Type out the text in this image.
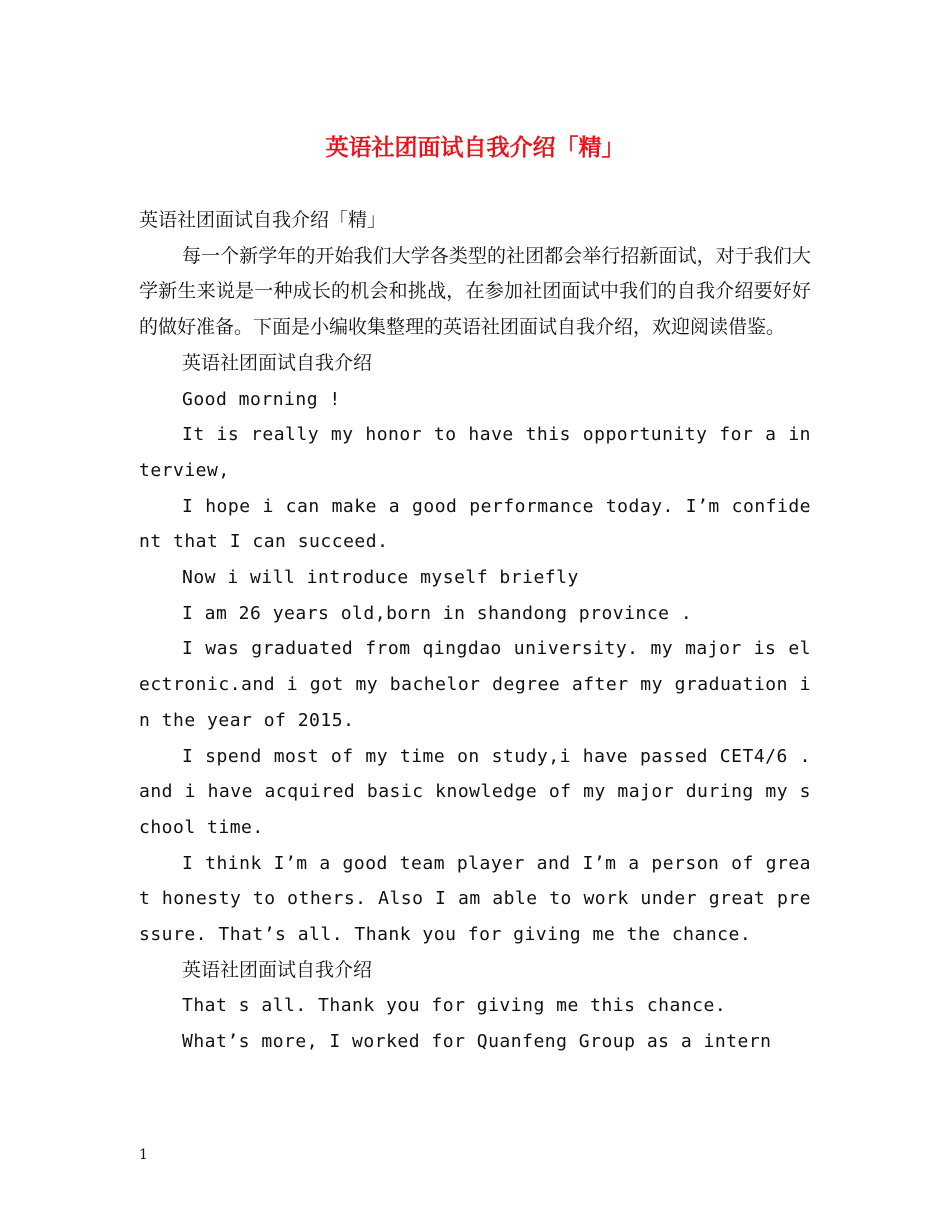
英语社团面试自我介绍「精」

英语社团面试自我介绍「精」

每一个新学年的开始我们大学各类型的社团都会举行招新面试，对于我们大学新生来说是一种成长的机会和挑战，在参加社团面试中我们的自我介绍要好好的做好准备。下面是小编收集整理的英语社团面试自我介绍，欢迎阅读借鉴。

英语社团面试自我介绍

Good morning !

It is really my honor to have this opportunity for a interview,

I hope i can make a good performance today. I’m confident that I can succeed.

Now i will introduce myself briefly

I am 26 years old,born in shandong province .

I was graduated from qingdao university. my major is electronic.and i got my bachelor degree after my graduation in the year of 2015.

I spend most of my time on study,i have passed CET4/6 . and i have acquired basic knowledge of my major during my school time.

I think I’m a good team player and I’m a person of great honesty to others. Also I am able to work under great pressure. That’s all. Thank you for giving me the chance.

英语社团面试自我介绍

That s all. Thank you for giving me this chance.

What’s more, I worked for Quanfeng Group as a intern

1
